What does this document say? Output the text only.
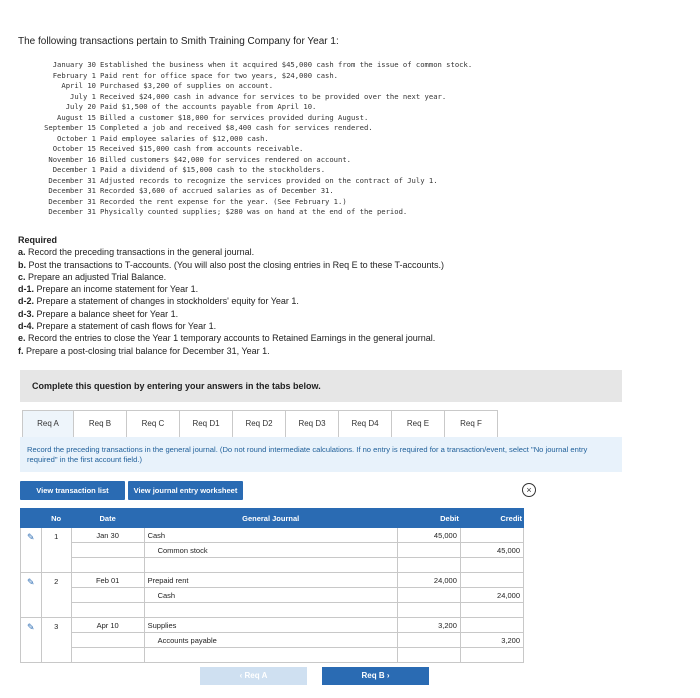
The following transactions pertain to Smith Training Company for Year 1:
January 30 Established the business when it acquired $45,000 cash from the issue of common stock.
February 1 Paid rent for office space for two years, $24,000 cash.
April 10 Purchased $3,200 of supplies on account.
July 1 Received $24,000 cash in advance for services to be provided over the next year.
July 20 Paid $1,500 of the accounts payable from April 10.
August 15 Billed a customer $18,000 for services provided during August.
September 15 Completed a job and received $8,400 cash for services rendered.
October 1 Paid employee salaries of $12,000 cash.
October 15 Received $15,000 cash from accounts receivable.
November 16 Billed customers $42,000 for services rendered on account.
December 1 Paid a dividend of $15,000 cash to the stockholders.
December 31 Adjusted records to recognize the services provided on the contract of July 1.
December 31 Recorded $3,600 of accrued salaries as of December 31.
December 31 Recorded the rent expense for the year. (See February 1.)
December 31 Physically counted supplies; $280 was on hand at the end of the period.
Required
a. Record the preceding transactions in the general journal.
b. Post the transactions to T-accounts. (You will also post the closing entries in Req E to these T-accounts.)
c. Prepare an adjusted Trial Balance.
d-1. Prepare an income statement for Year 1.
d-2. Prepare a statement of changes in stockholders' equity for Year 1.
d-3. Prepare a balance sheet for Year 1.
d-4. Prepare a statement of cash flows for Year 1.
e. Record the entries to close the Year 1 temporary accounts to Retained Earnings in the general journal.
f. Prepare a post-closing trial balance for December 31, Year 1.
Complete this question by entering your answers in the tabs below.
Req A	Req B	Req C	Req D1	Req D2	Req D3	Req D4	Req E	Req F
Record the preceding transactions in the general journal. (Do not round intermediate calculations. If no entry is required for a transaction/event, select "No journal entry required" in the first account field.)
View transaction list	View journal entry worksheet	×
	No	Date	General Journal	Debit	Credit
✎	1	Jan 30	Cash	45,000	
			Common stock		45,000

✎	2	Feb 01	Prepaid rent	24,000	
			Cash		24,000

✎	3	Apr 10	Supplies	3,200	
			Accounts payable		3,200

‹ Req A	Req B ›
